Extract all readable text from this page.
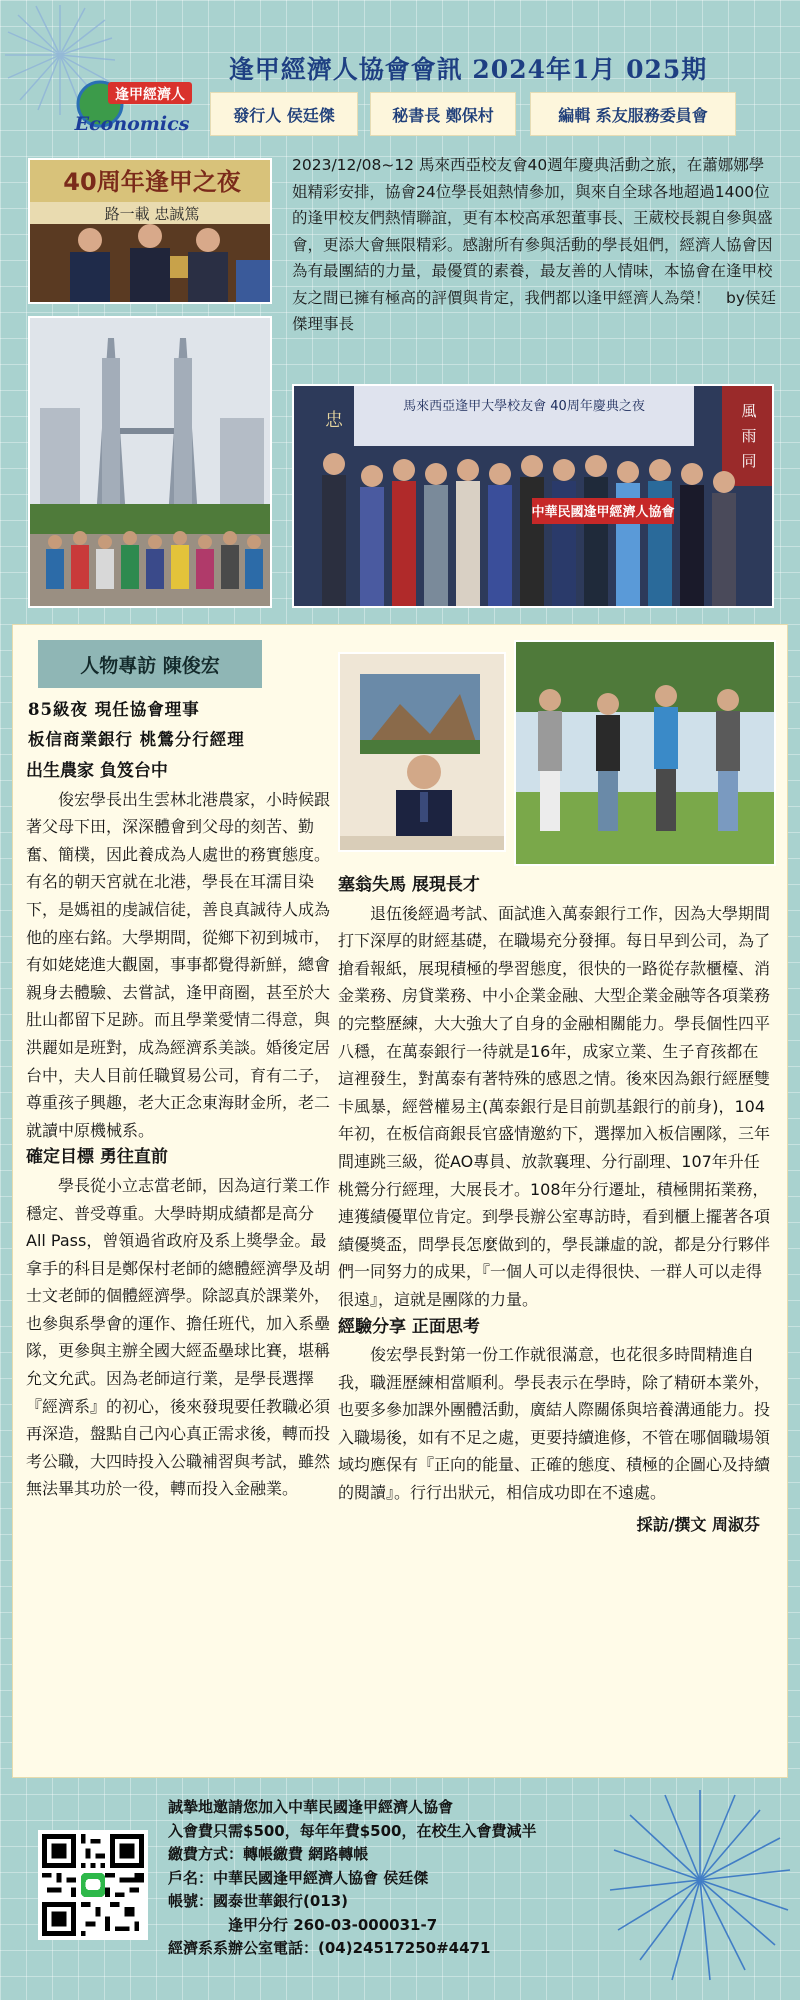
逢甲經濟人協會會訊 2024年1月 025期
逢甲經濟人
Economics	發行人 侯廷傑	秘書長 鄭保村	編輯 系友服務委員會
40周年逢甲之夜
路一載 忠誠篤
2023/12/08~12 馬來西亞校友會40週年慶典活動之旅，在蕭娜娜學姐精彩安排，協會24位學長姐熱情參加，與來自全球各地超過1400位的逢甲校友們熱情聯誼，更有本校高承恕董事長、王葳校長親自參與盛會，更添大會無限精彩。感謝所有參與活動的學長姐們，經濟人協會因為有最團結的力量，最優質的素養，最友善的人情味，本協會在逢甲校友之間已擁有極高的評價與肯定，我們都以逢甲經濟人為榮！　by侯廷傑理事長
馬來西亞逢甲大學校友會 40周年慶典之夜
忠	風
雨
同
中華民國逢甲經濟人協會
人物專訪 陳俊宏
85級夜 現任協會理事
板信商業銀行 桃鶯分行經理
出生農家 負笈台中
俊宏學長出生雲林北港農家，小時候跟著父母下田，深深體會到父母的刻苦、勤奮、簡樸，因此養成為人處世的務實態度。有名的朝天宮就在北港，學長在耳濡目染下，是媽祖的虔誠信徒，善良真誠待人成為他的座右銘。大學期間，從鄉下初到城市，有如姥姥進大觀園，事事都覺得新鮮，總會親身去體驗、去嘗試，逢甲商圈，甚至於大肚山都留下足跡。而且學業愛情二得意，與洪麗如是班對，成為經濟系美談。婚後定居台中，夫人目前任職貿易公司，育有二子，尊重孩子興趣，老大正念東海財金所，老二就讀中原機械系。
確定目標 勇往直前
學長從小立志當老師，因為這行業工作穩定、普受尊重。大學時期成績都是高分All Pass，曾領過省政府及系上獎學金。最拿手的科目是鄭保村老師的總體經濟學及胡士文老師的個體經濟學。除認真於課業外，也參與系學會的運作、擔任班代，加入系壘隊，更參與主辦全國大經盃壘球比賽，堪稱允文允武。因為老師這行業，是學長選擇『經濟系』的初心，後來發現要任教職必須再深造，盤點自己內心真正需求後，轉而投考公職，大四時投入公職補習與考試，雖然無法畢其功於一役，轉而投入金融業。
塞翁失馬 展現長才
退伍後經過考試、面試進入萬泰銀行工作，因為大學期間打下深厚的財經基礎，在職場充分發揮。每日早到公司，為了搶看報紙，展現積極的學習態度，很快的一路從存款櫃檯、消金業務、房貸業務、中小企業金融、大型企業金融等各項業務的完整歷練，大大強大了自身的金融相關能力。學長個性四平八穩，在萬泰銀行一待就是16年，成家立業、生子育孩都在這裡發生，對萬泰有著特殊的感恩之情。後來因為銀行經歷雙卡風暴，經營權易主(萬泰銀行是目前凱基銀行的前身)，104年初，在板信商銀長官盛情邀約下，選擇加入板信團隊，三年間連跳三級，從AO專員、放款襄理、分行副理、107年升任桃鶯分行經理，大展長才。108年分行遷址，積極開拓業務，連獲績優單位肯定。到學長辦公室專訪時，看到櫃上擺著各項績優獎盃，問學長怎麼做到的，學長謙虛的說，都是分行夥伴們一同努力的成果，『一個人可以走得很快、一群人可以走得很遠』，這就是團隊的力量。
經驗分享 正面思考
俊宏學長對第一份工作就很滿意，也花很多時間精進自我，職涯歷練相當順利。學長表示在學時，除了精研本業外，也要多參加課外團體活動，廣結人際關係與培養溝通能力。投入職場後，如有不足之處，更要持續進修，不管在哪個職場領域均應保有『正向的能量、正確的態度、積極的企圖心及持續的閱讀』。行行出狀元，相信成功即在不遠處。
採訪/撰文 周淑芬
誠摯地邀請您加入中華民國逢甲經濟人協會
入會費只需$500，每年年費$500，在校生入會費減半
繳費方式：轉帳繳費 網路轉帳
戶名：中華民國逢甲經濟人協會 侯廷傑
帳號：國泰世華銀行(013)
逢甲分行 260-03-000031-7
經濟系系辦公室電話：(04)24517250#4471
